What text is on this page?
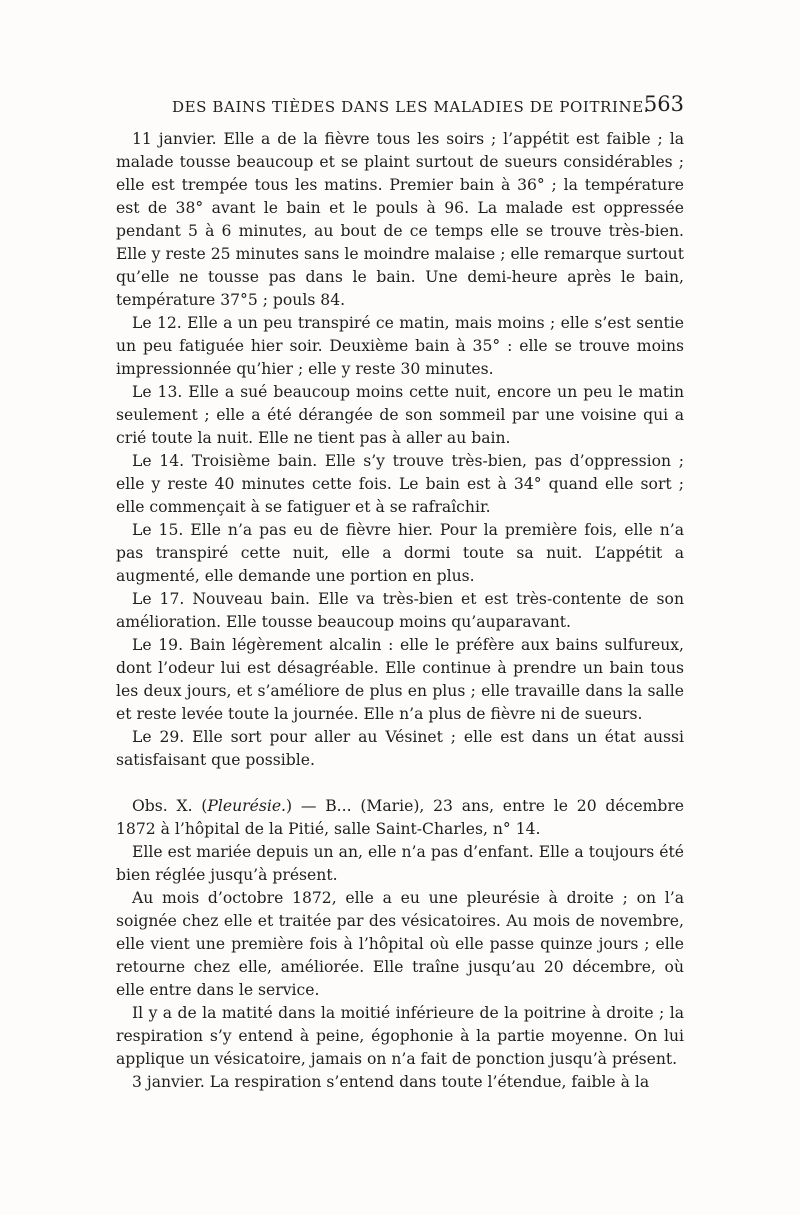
DES BAINS TIÈDES DANS LES MALADIES DE POITRINE.
563

11 janvier. Elle a de la fièvre tous les soirs ; l’appétit est faible ; la malade tousse beaucoup et se plaint surtout de sueurs considérables ; elle est trempée tous les matins. Premier bain à 36° ; la température est de 38° avant le bain et le pouls à 96. La malade est oppressée pendant 5 à 6 minutes, au bout de ce temps elle se trouve très-bien. Elle y reste 25 minutes sans le moindre malaise ; elle remarque surtout qu’elle ne tousse pas dans le bain. Une demi-heure après le bain, température 37°5 ; pouls 84.

Le 12. Elle a un peu transpiré ce matin, mais moins ; elle s’est sentie un peu fatiguée hier soir. Deuxième bain à 35° : elle se trouve moins impressionnée qu’hier ; elle y reste 30 minutes.

Le 13. Elle a sué beaucoup moins cette nuit, encore un peu le matin seulement ; elle a été dérangée de son sommeil par une voisine qui a crié toute la nuit. Elle ne tient pas à aller au bain.

Le 14. Troisième bain. Elle s’y trouve très-bien, pas d’oppression ; elle y reste 40 minutes cette fois. Le bain est à 34° quand elle sort ; elle commençait à se fatiguer et à se rafraîchir.

Le 15. Elle n’a pas eu de fièvre hier. Pour la première fois, elle n’a pas transpiré cette nuit, elle a dormi toute sa nuit. L’appétit a augmenté, elle demande une portion en plus.

Le 17. Nouveau bain. Elle va très-bien et est très-contente de son amélioration. Elle tousse beaucoup moins qu’auparavant.

Le 19. Bain légèrement alcalin : elle le préfère aux bains sulfureux, dont l’odeur lui est désagréable. Elle continue à prendre un bain tous les deux jours, et s’améliore de plus en plus ; elle travaille dans la salle et reste levée toute la journée. Elle n’a plus de fièvre ni de sueurs.

Le 29. Elle sort pour aller au Vésinet ; elle est dans un état aussi satisfaisant que possible.

Obs. X. (Pleurésie.) — B... (Marie), 23 ans, entre le 20 décembre 1872 à l’hôpital de la Pitié, salle Saint-Charles, n° 14.

Elle est mariée depuis un an, elle n’a pas d’enfant. Elle a toujours été bien réglée jusqu’à présent.

Au mois d’octobre 1872, elle a eu une pleurésie à droite ; on l’a soignée chez elle et traitée par des vésicatoires. Au mois de novembre, elle vient une première fois à l’hôpital où elle passe quinze jours ; elle retourne chez elle, améliorée. Elle traîne jusqu’au 20 décembre, où elle entre dans le service.

Il y a de la matité dans la moitié inférieure de la poitrine à droite ; la respiration s’y entend à peine, égophonie à la partie moyenne. On lui applique un vésicatoire, jamais on n’a fait de ponction jusqu’à présent.

3 janvier. La respiration s’entend dans toute l’étendue, faible à la
